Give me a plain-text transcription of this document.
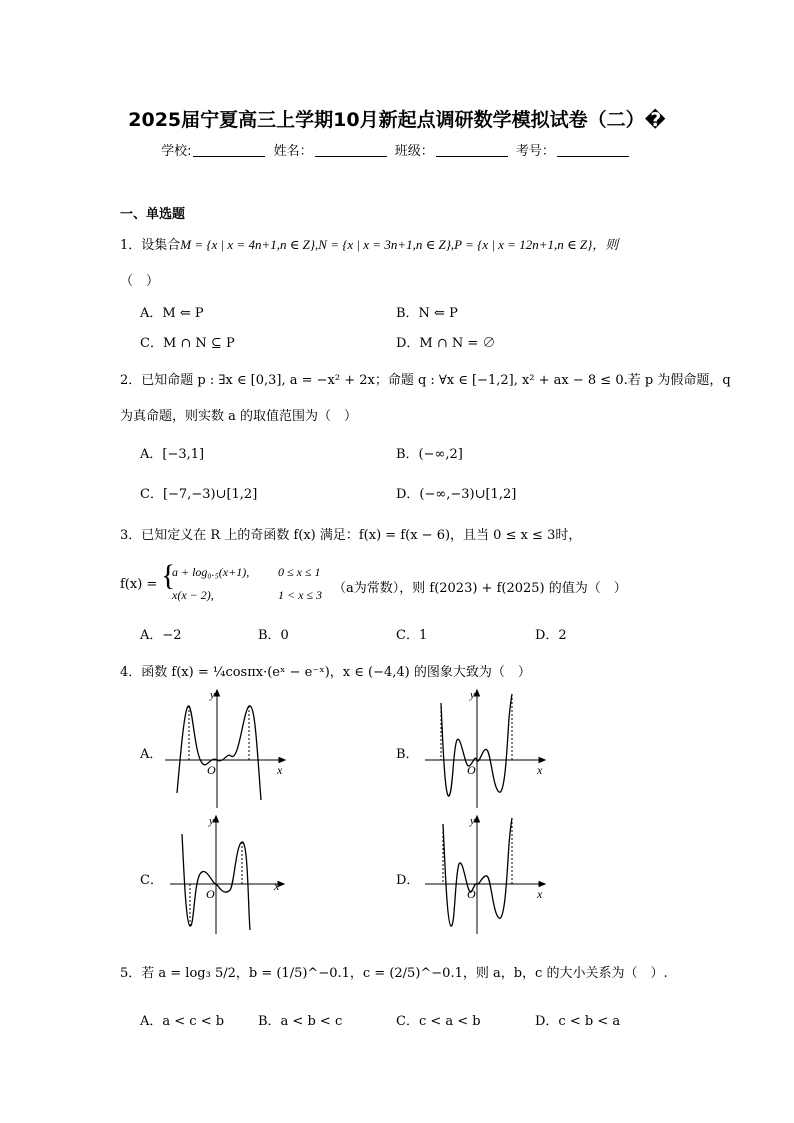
2025届宁夏高三上学期10月新起点调研数学模拟试卷（二）�
学校:	姓名：	班级：	考号：
一、单选题
1．设集合M = {x | x = 4n+1,n ∈ Z},N = {x | x = 3n+1,n ∈ Z},P = {x | x = 12n+1,n ∈ Z}，则
（　）
A．M ⇐ P	B．N ⇐ P
C．M ∩ N ⊆ P	D．M ∩ N = ∅
2．已知命题 p : ∃x ∈ [0,3], a = −x² + 2x；命题 q : ∀x ∈ [−1,2], x² + ax − 8 ≤ 0.若 p 为假命题，q
为真命题，则实数 a 的取值范围为（　）
A．[−3,1]	B．(−∞,2]
C．[−7,−3)∪[1,2]	D．(−∞,−3)∪[1,2]
3．已知定义在 R 上的奇函数 f(x) 满足：f(x) = f(x − 6)，且当 0 ≤ x ≤ 3时，
f(x) = {
a + log₀.₅(x+1), 0 ≤ x ≤ 1
x(x − 2),	1 < x ≤ 3 （a为常数），则 f(2023) + f(2025) 的值为（　）
A．−2	B．0	C．1	D．2
4．函数 f(x) = ¼cosπx·(eˣ − e⁻ˣ)，x ∈ (−4,4) 的图象大致为（　）
A．	B．
C．	D．
O	x
y
O	x
y
O
x
y
O	x
y
5．若 a = log₃ 5/2，b = (1/5)^−0.1，c = (2/5)^−0.1，则 a，b，c 的大小关系为（　）.
A．a < c < b	B．a < b < c	C．c < a < b	D．c < b < a
